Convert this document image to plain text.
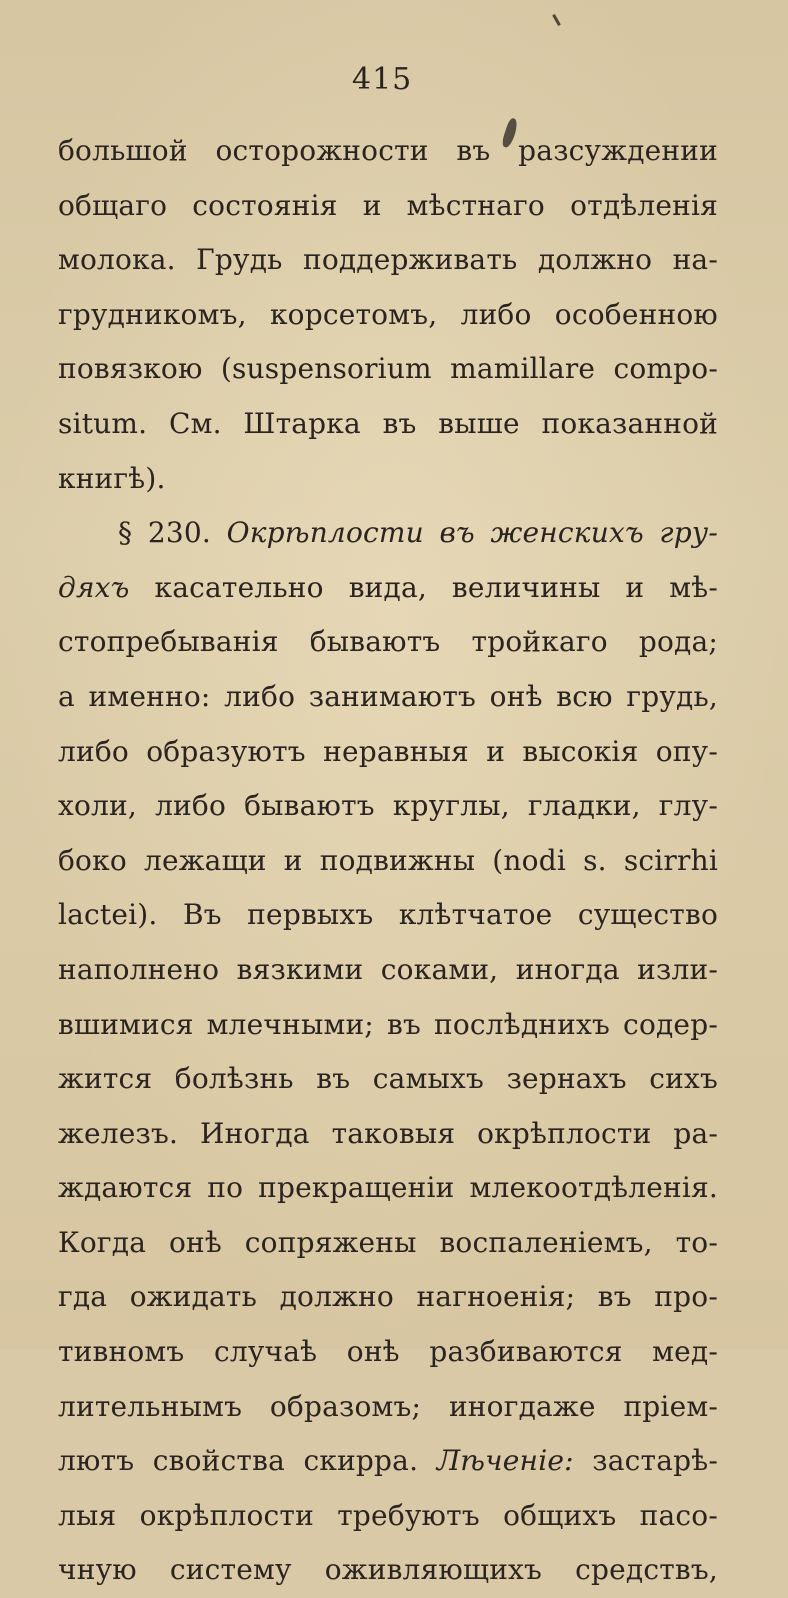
415
большой осторожности въ разсуждении
общаго состоянія и мѣстнаго отдѣленія
молока. Грудь поддерживать должно на-
грудникомъ, корсетомъ, либо особенною
повязкою (suspensorium mamillare compo-
situm. См. Штарка въ выше показанной
книгѣ).
§ 230. Окрѣплости въ женскихъ гру-
дяхъ касательно вида, величины и мѣ-
стопребыванія бываютъ тройкаго рода;
а именно: либо занимаютъ онѣ всю грудь,
либо образуютъ неравныя и высокія опу-
холи, либо бываютъ круглы, гладки, глу-
боко лежащи и подвижны (nodi s. scirrhi
lactei). Въ первыхъ клѣтчатое существо
наполнено вязкими соками, иногда изли-
вшимися млечными; въ послѣднихъ содер-
жится болѣзнь въ самыхъ зернахъ сихъ
железъ. Иногда таковыя окрѣплости ра-
ждаются по прекращеніи млекоотдѣленія.
Когда онѣ сопряжены воспаленіемъ, то-
гда ожидать должно нагноенія; въ про-
тивномъ случаѣ онѣ разбиваются мед-
лительнымъ образомъ; иногдаже пріем-
лютъ свойства скирра. Лѣченіе: застарѣ-
лыя окрѣплости требуютъ общихъ пасо-
чную систему оживляющихъ средствъ,
